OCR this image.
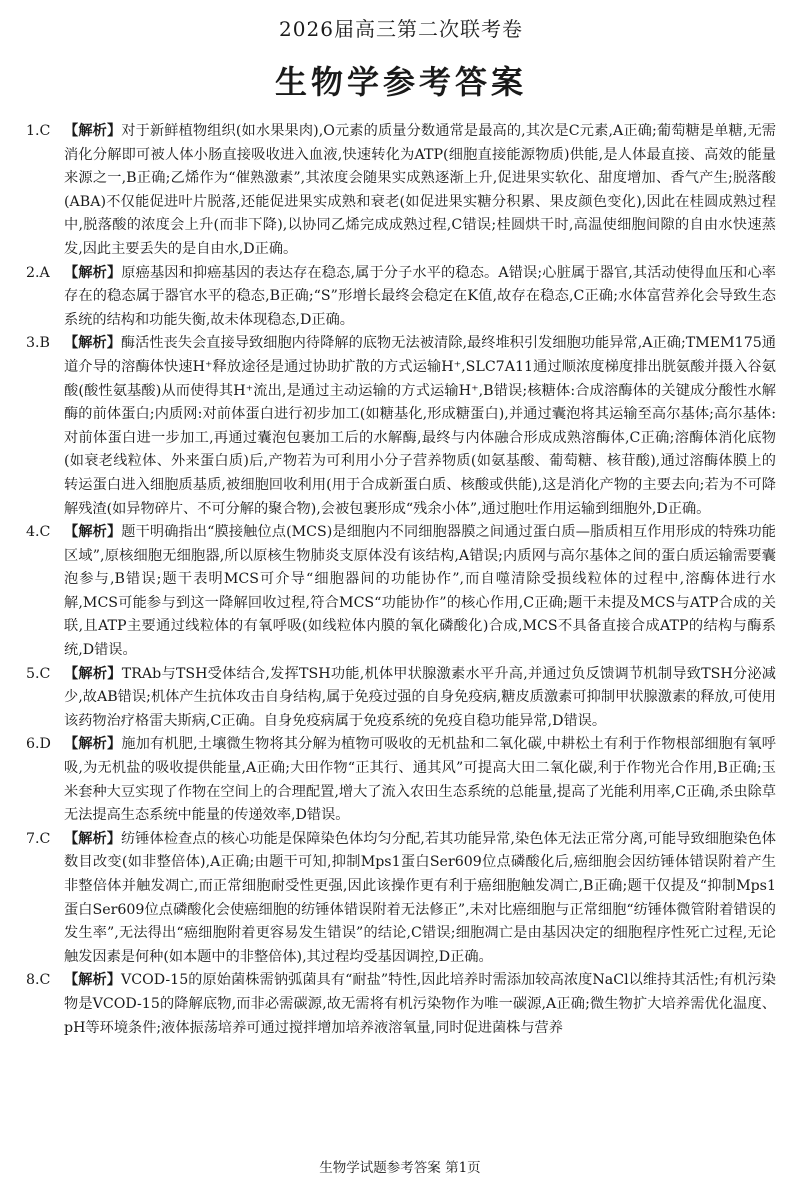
2026届高三第二次联考卷
生物学参考答案
1.C 【解析】对于新鲜植物组织(如水果果肉),O元素的质量分数通常是最高的,其次是C元素,A正确;葡萄糖是单糖,无需消化分解即可被人体小肠直接吸收进入血液,快速转化为ATP(细胞直接能源物质)供能,是人体最直接、高效的能量来源之一,B正确;乙烯作为“催熟激素”,其浓度会随果实成熟逐渐上升,促进果实软化、甜度增加、香气产生;脱落酸(ABA)不仅能促进叶片脱落,还能促进果实成熟和衰老(如促进果实糖分积累、果皮颜色变化),因此在桂圆成熟过程中,脱落酸的浓度会上升(而非下降),以协同乙烯完成成熟过程,C错误;桂圆烘干时,高温使细胞间隙的自由水快速蒸发,因此主要丢失的是自由水,D正确。
2.A	【解析】原癌基因和抑癌基因的表达存在稳态,属于分子水平的稳态。A错误;心脏属于器官,其活动使得血压和心率存在的稳态属于器官水平的稳态,B正确;“S”形增长最终会稳定在K值,故存在稳态,C正确;水体富营养化会导致生态系统的结构和功能失衡,故未体现稳态,D正确。
3.B 【解析】酶活性丧失会直接导致细胞内待降解的底物无法被清除,最终堆积引发细胞功能异常,A正确;TMEM175通道介导的溶酶体快速H⁺释放途径是通过协助扩散的方式运输H⁺,SLC7A11通过顺浓度梯度排出胱氨酸并摄入谷氨酸(酸性氨基酸)从而使得其H⁺流出,是通过主动运输的方式运输H⁺,B错误;核糖体:合成溶酶体的关键成分酸性水解酶的前体蛋白;内质网:对前体蛋白进行初步加工(如糖基化,形成糖蛋白),并通过囊泡将其运输至高尔基体;高尔基体:对前体蛋白进一步加工,再通过囊泡包裹加工后的水解酶,最终与内体融合形成成熟溶酶体,C正确;溶酶体消化底物(如衰老线粒体、外来蛋白质)后,产物若为可利用小分子营养物质(如氨基酸、葡萄糖、核苷酸),通过溶酶体膜上的转运蛋白进入细胞质基质,被细胞回收利用(用于合成新蛋白质、核酸或供能),这是消化产物的主要去向;若为不可降解残渣(如异物碎片、不可分解的聚合物),会被包裹形成“残余小体”,通过胞吐作用运输到细胞外,D正确。
4.C 【解析】题干明确指出“膜接触位点(MCS)是细胞内不同细胞器膜之间通过蛋白质—脂质相互作用形成的特殊功能区域”,原核细胞无细胞器,所以原核生物肺炎支原体没有该结构,A错误;内质网与高尔基体之间的蛋白质运输需要囊泡参与,B错误;题干表明MCS可介导“细胞器间的功能协作”,而自噬清除受损线粒体的过程中,溶酶体进行水解,MCS可能参与到这一降解回收过程,符合MCS“功能协作”的核心作用,C正确;题干未提及MCS与ATP合成的关联,且ATP主要通过线粒体的有氧呼吸(如线粒体内膜的氧化磷酸化)合成,MCS不具备直接合成ATP的结构与酶系统,D错误。
5.C 【解析】TRAb与TSH受体结合,发挥TSH功能,机体甲状腺激素水平升高,并通过负反馈调节机制导致TSH分泌减少,故AB错误;机体产生抗体攻击自身结构,属于免疫过强的自身免疫病,糖皮质激素可抑制甲状腺激素的释放,可使用该药物治疗格雷夫斯病,C正确。自身免疫病属于免疫系统的免疫自稳功能异常,D错误。
6.D 【解析】施加有机肥,土壤微生物将其分解为植物可吸收的无机盐和二氧化碳,中耕松土有利于作物根部细胞有氧呼吸,为无机盐的吸收提供能量,A正确;大田作物“正其行、通其风”可提高大田二氧化碳,利于作物光合作用,B正确;玉米套种大豆实现了作物在空间上的合理配置,增大了流入农田生态系统的总能量,提高了光能利用率,C正确,杀虫除草无法提高生态系统中能量的传递效率,D错误。
7.C 【解析】纺锤体检查点的核心功能是保障染色体均匀分配,若其功能异常,染色体无法正常分离,可能导致细胞染色体数目改变(如非整倍体),A正确;由题干可知,抑制Mps1蛋白Ser609位点磷酸化后,癌细胞会因纺锤体错误附着产生非整倍体并触发凋亡,而正常细胞耐受性更强,因此该操作更有利于癌细胞触发凋亡,B正确;题干仅提及“抑制Mps1蛋白Ser609位点磷酸化会使癌细胞的纺锤体错误附着无法修正”,未对比癌细胞与正常细胞“纺锤体微管附着错误的发生率”,无法得出“癌细胞附着更容易发生错误”的结论,C错误;细胞凋亡是由基因决定的细胞程序性死亡过程,无论触发因素是何种(如本题中的非整倍体),其过程均受基因调控,D正确。
8.C 【解析】VCOD-15的原始菌株需钠弧菌具有“耐盐”特性,因此培养时需添加较高浓度NaCl以维持其活性;有机污染物是VCOD-15的降解底物,而非必需碳源,故无需将有机污染物作为唯一碳源,A正确;微生物扩大培养需优化温度、pH等环境条件;液体振荡培养可通过搅拌增加培养液溶氧量,同时促进菌株与营养
生物学试题参考答案 第1页
